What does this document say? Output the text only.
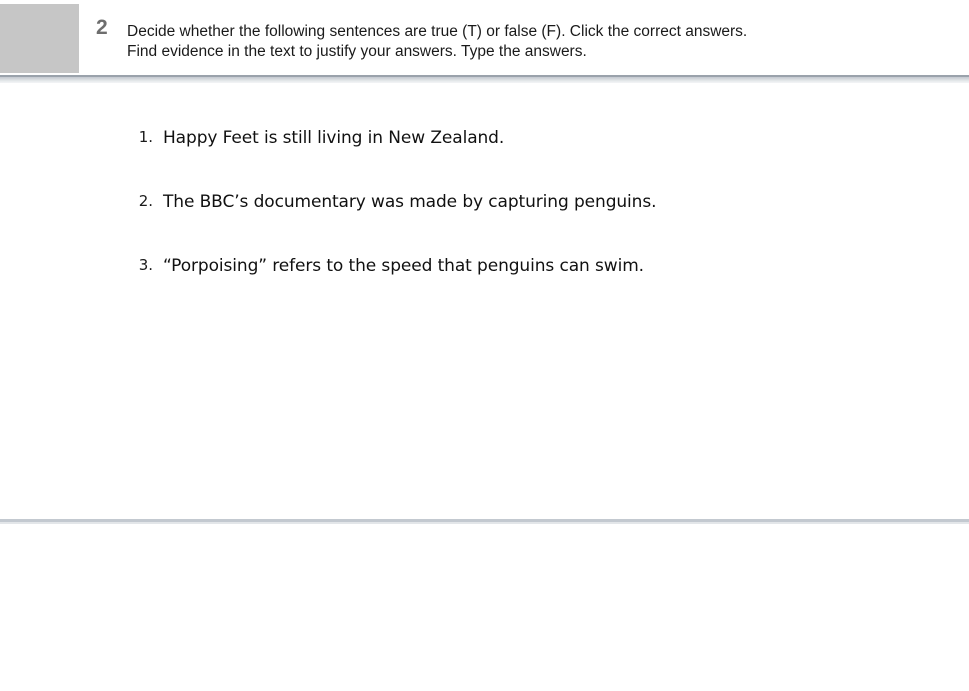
2 Decide whether the following sentences are true (T) or false (F). Click the correct answers.
Find evidence in the text to justify your answers. Type the answers.
1. Happy Feet is still living in New Zealand.
2. The BBC’s documentary was made by capturing penguins.
3. “Porpoising” refers to the speed that penguins can swim.
